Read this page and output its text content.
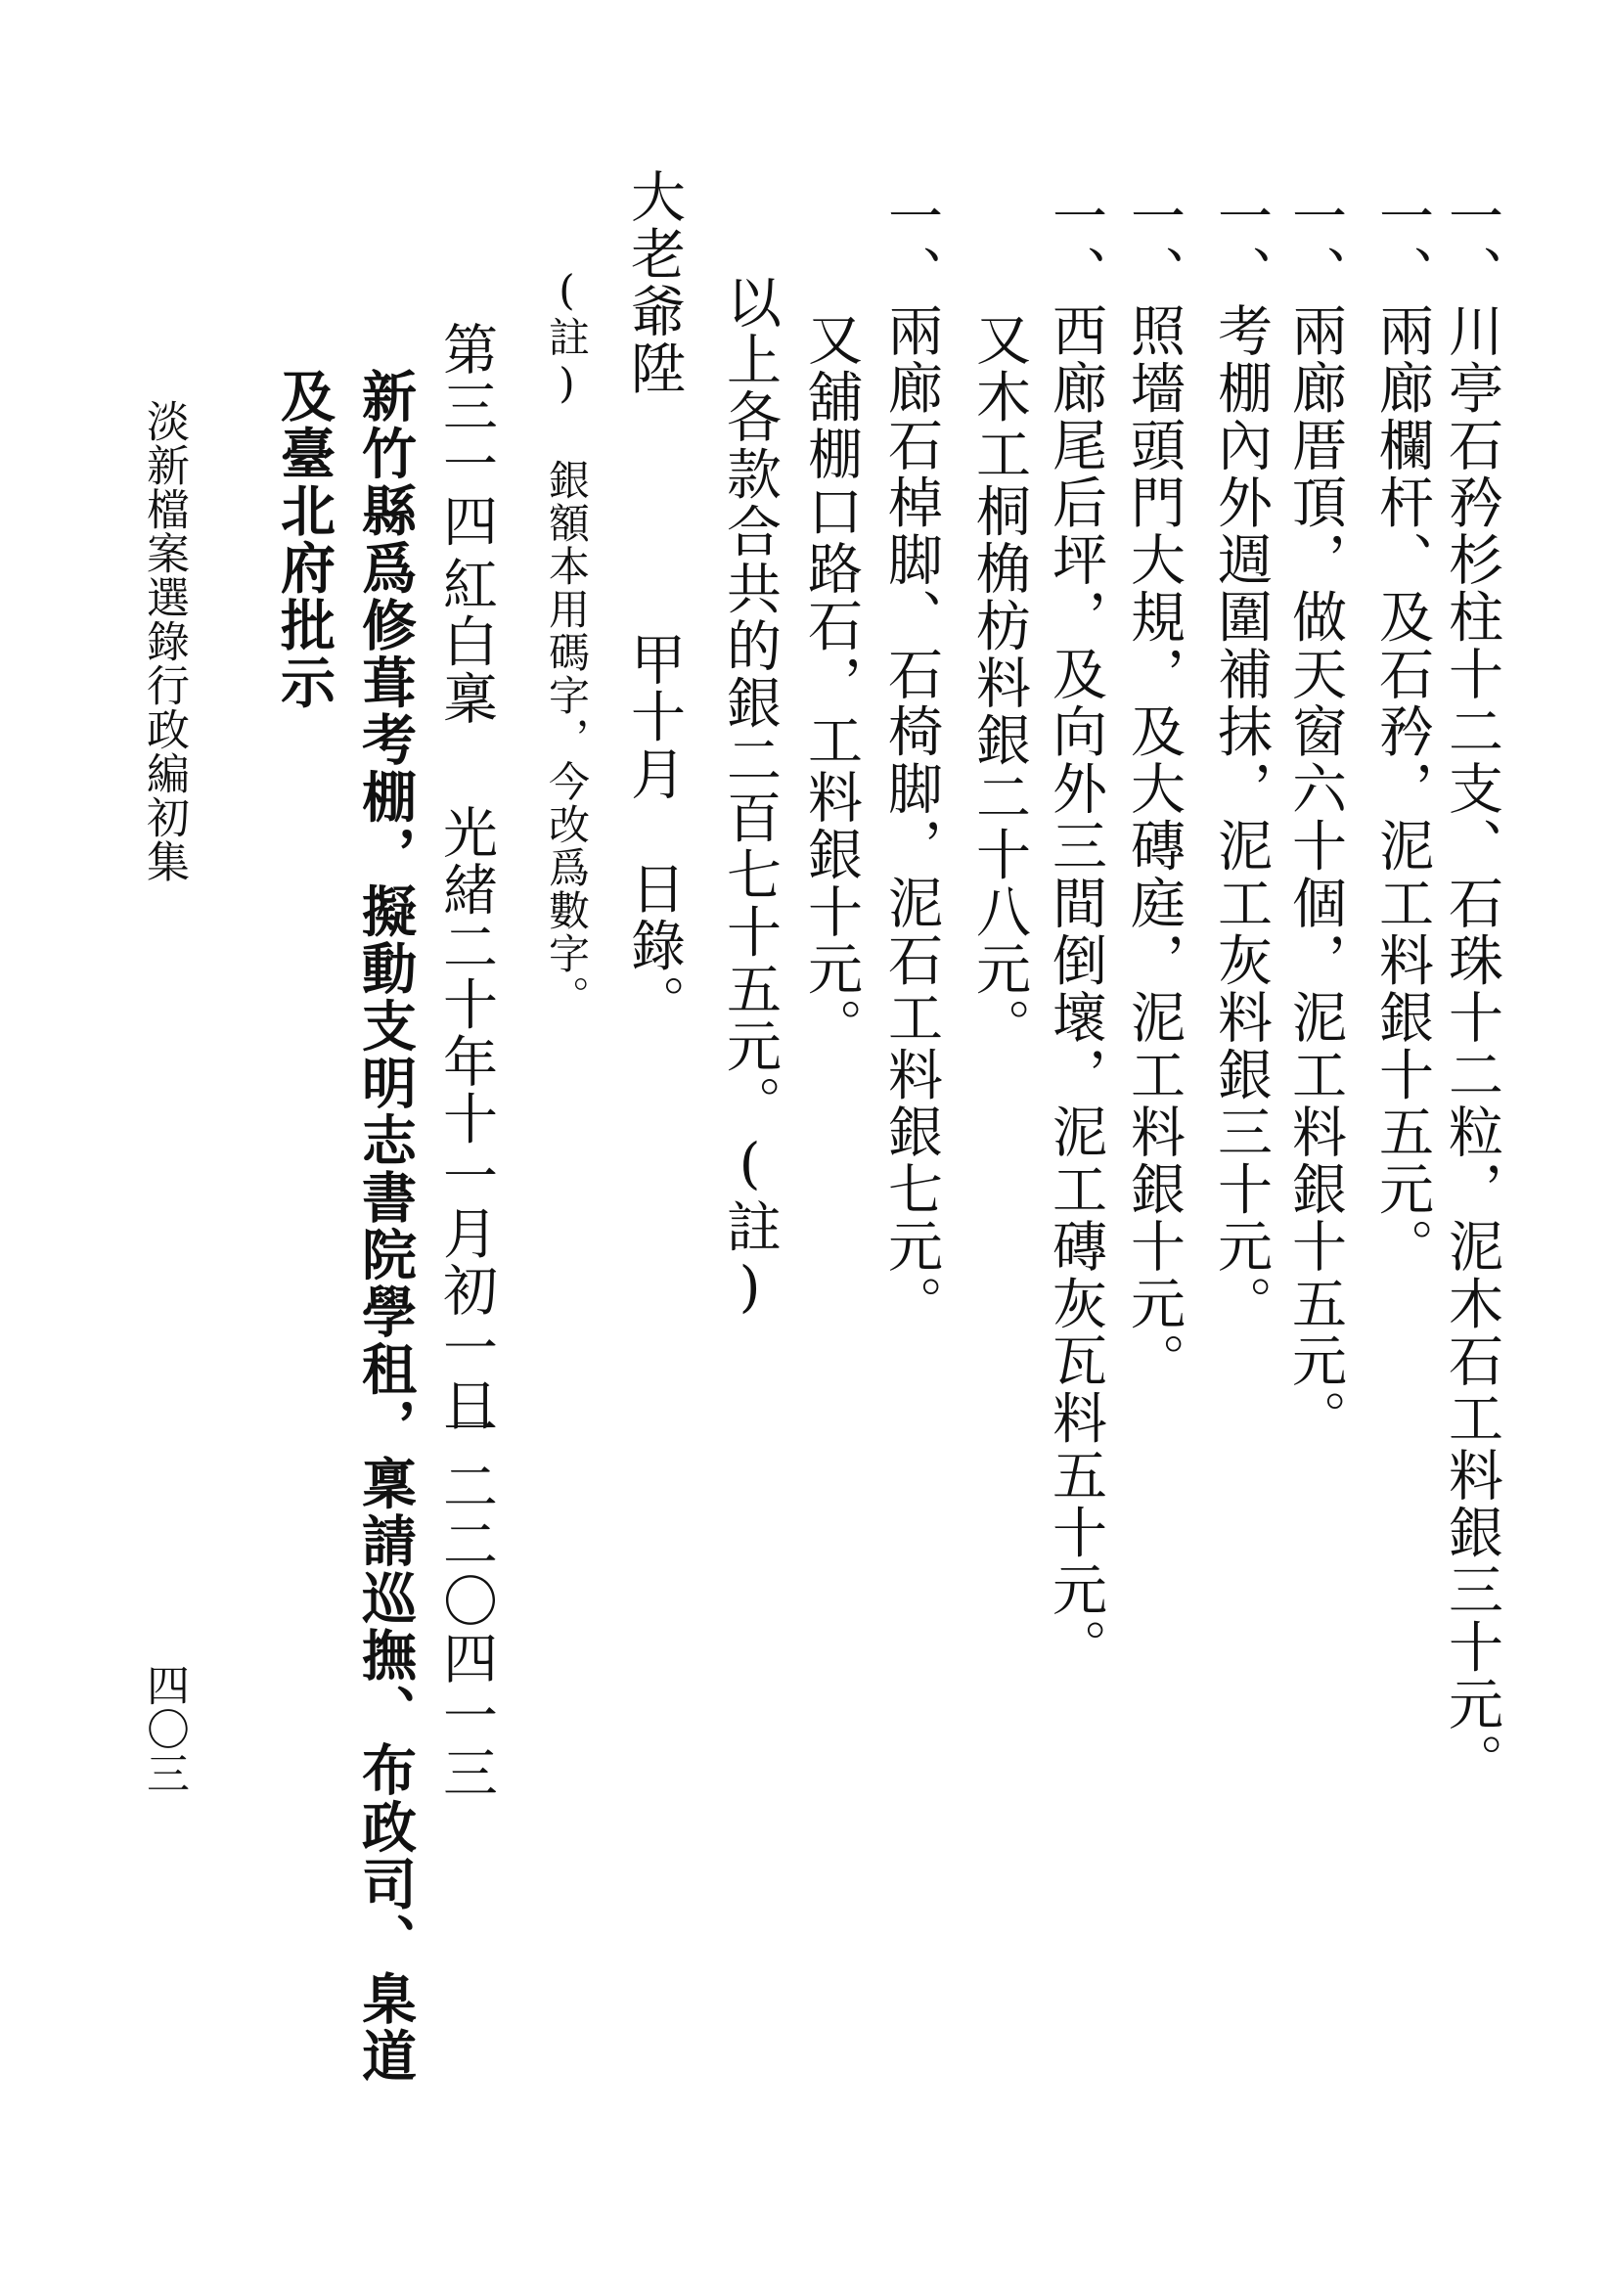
一、川亭石矜杉柱十二支、石珠十二粒，泥木石工料銀三十元。
一、兩廊欄杆、及石矜，泥工料銀十五元。
一、兩廊厝頂，做天窗六十個，泥工料銀十五元。
一、考棚內外週圍補抹，泥工灰料銀三十元。
一、照墻頭門大規，及大磚庭，泥工料銀十元。
一、西廊尾后坪，及向外三間倒壞，泥工磚灰瓦料五十元。
又木工桐桷枋料銀二十八元。
一、兩廊石棹脚、石椅脚，泥石工料銀七元。
又舖棚口路石，工料銀十元。
以上各款合共的銀二百七十五元。(註)
大老爺陞
甲十月　日錄。
(註) 銀額本用碼字，今改爲數字。
第三一四
紅白稟
光緒二十年十一月初一日
一二二〇四一三
新竹縣爲修葺考棚，擬動支明志書院學租，稟請巡撫、布政司、臬道
及臺北府批示
淡新檔案選錄行政編初集
四〇三
